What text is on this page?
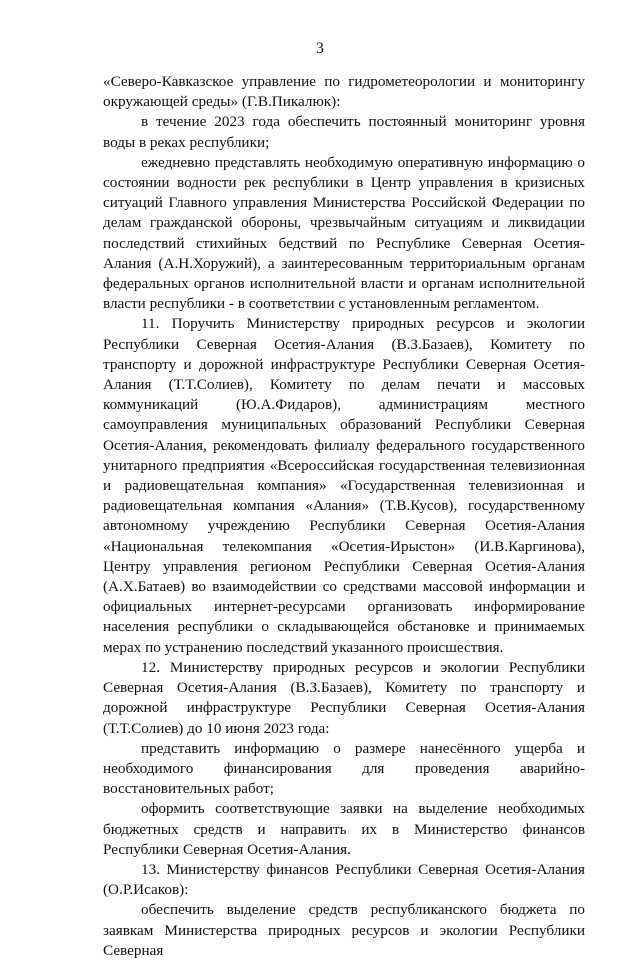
3

«Северо-Кавказское управление по гидрометеорологии и мониторингу окружающей среды» (Г.В.Пикалюк):

в течение 2023 года обеспечить постоянный мониторинг уровня воды в реках республики;

ежедневно представлять необходимую оперативную информацию о состоянии водности рек республики в Центр управления в кризисных ситуаций Главного управления Министерства Российской Федерации по делам гражданской обороны, чрезвычайным ситуациям и ликвидации последствий стихийных бедствий по Республике Северная Осетия-Алания (А.Н.Хоружий), а заинтересованным территориальным органам федеральных органов исполнительной власти и органам исполнительной власти республики - в соответствии с установленным регламентом.

11. Поручить Министерству природных ресурсов и экологии Республики Северная Осетия-Алания (В.З.Базаев), Комитету по транспорту и дорожной инфраструктуре Республики Северная Осетия-Алания (Т.Т.Солиев), Комитету по делам печати и массовых коммуникаций (Ю.А.Фидаров), администрациям местного самоуправления муниципальных образований Республики Северная Осетия-Алания, рекомендовать филиалу федерального государственного унитарного предприятия «Всероссийская государственная телевизионная и радиовещательная компания» «Государственная телевизионная и радиовещательная компания «Алания» (Т.В.Кусов), государственному автономному учреждению Республики Северная Осетия-Алания «Национальная телекомпания «Осетия-Ирыстон» (И.В.Каргинова), Центру управления регионом Республики Северная Осетия-Алания (А.Х.Батаев) во взаимодействии со средствами массовой информации и официальных интернет-ресурсами организовать информирование населения республики о складывающейся обстановке и принимаемых мерах по устранению последствий указанного происшествия.

12. Министерству природных ресурсов и экологии Республики Северная Осетия-Алания (В.З.Базаев), Комитету по транспорту и дорожной инфраструктуре Республики Северная Осетия-Алания (Т.Т.Солиев) до 10 июня 2023 года:

представить информацию о размере нанесённого ущерба и необходимого финансирования для проведения аварийно-восстановительных работ;

оформить соответствующие заявки на выделение необходимых бюджетных средств и направить их в Министерство финансов Республики Северная Осетия-Алания.

13. Министерству финансов Республики Северная Осетия-Алания (О.Р.Исаков):

обеспечить выделение средств республиканского бюджета по заявкам Министерства природных ресурсов и экологии Республики Северная
